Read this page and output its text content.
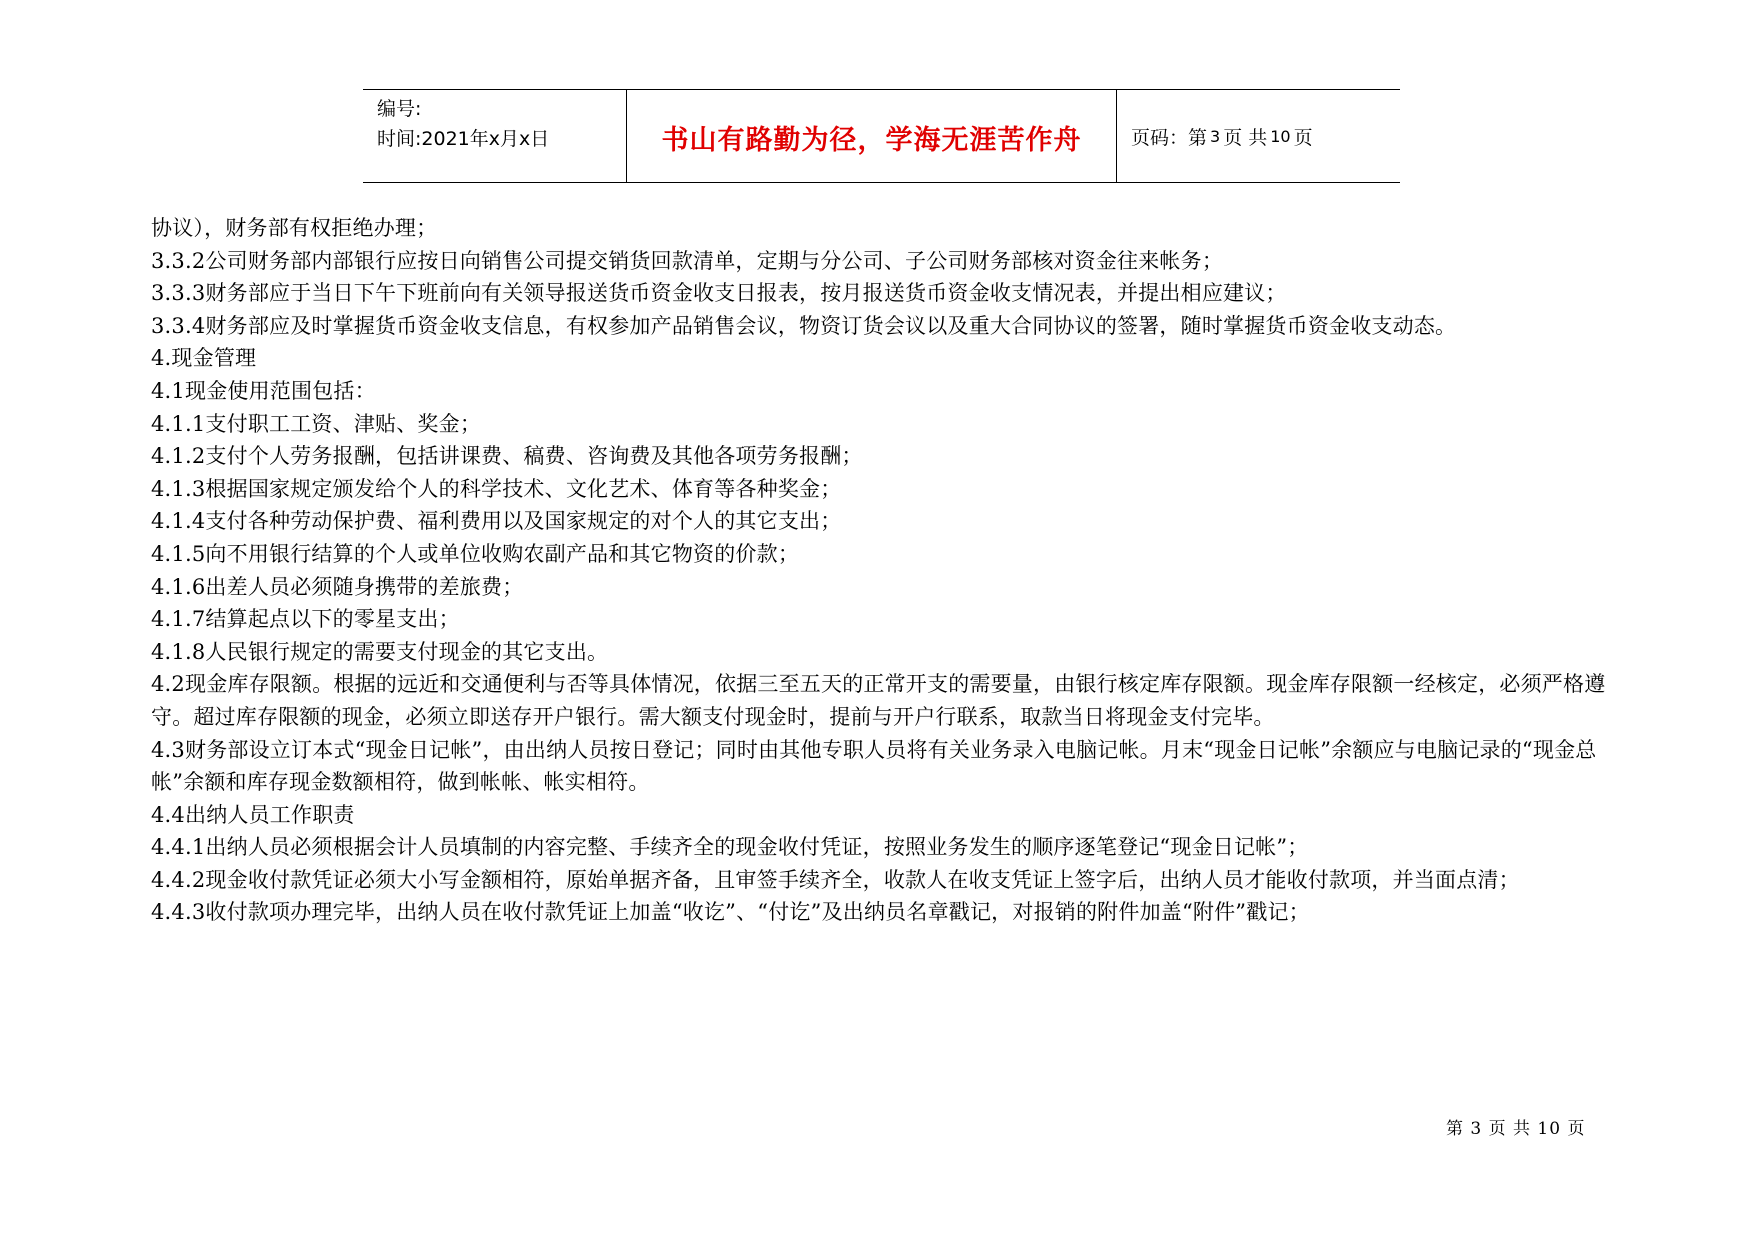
编号:
时间:2021年x月x日	书山有路勤为径，学海无涯苦作舟	页码：第 3 页 共 10 页

协议），财务部有权拒绝办理；

3.3.2公司财务部内部银行应按日向销售公司提交销货回款清单，定期与分公司、子公司财务部核对资金往来帐务；

3.3.3财务部应于当日下午下班前向有关领导报送货币资金收支日报表，按月报送货币资金收支情况表，并提出相应建议；

3.3.4财务部应及时掌握货币资金收支信息，有权参加产品销售会议，物资订货会议以及重大合同协议的签署，随时掌握货币资金收支动态。

4.现金管理

4.1现金使用范围包括：

4.1.1支付职工工资、津贴、奖金；

4.1.2支付个人劳务报酬，包括讲课费、稿费、咨询费及其他各项劳务报酬；

4.1.3根据国家规定颁发给个人的科学技术、文化艺术、体育等各种奖金；

4.1.4支付各种劳动保护费、福利费用以及国家规定的对个人的其它支出；

4.1.5向不用银行结算的个人或单位收购农副产品和其它物资的价款；

4.1.6出差人员必须随身携带的差旅费；

4.1.7结算起点以下的零星支出；

4.1.8人民银行规定的需要支付现金的其它支出。

4.2现金库存限额。根据的远近和交通便利与否等具体情况，依据三至五天的正常开支的需要量，由银行核定库存限额。现金库存限额一经核定，必须严格遵守。超过库存限额的现金，必须立即送存开户银行。需大额支付现金时，提前与开户行联系，取款当日将现金支付完毕。

4.3财务部设立订本式“现金日记帐”，由出纳人员按日登记；同时由其他专职人员将有关业务录入电脑记帐。月末“现金日记帐”余额应与电脑记录的“现金总帐”余额和库存现金数额相符，做到帐帐、帐实相符。

4.4出纳人员工作职责

4.4.1出纳人员必须根据会计人员填制的内容完整、手续齐全的现金收付凭证，按照业务发生的顺序逐笔登记“现金日记帐”；

4.4.2现金收付款凭证必须大小写金额相符，原始单据齐备，且审签手续齐全，收款人在收支凭证上签字后，出纳人员才能收付款项，并当面点清；

4.4.3收付款项办理完毕，出纳人员在收付款凭证上加盖“收讫”、“付讫”及出纳员名章戳记，对报销的附件加盖“附件”戳记；

第 3 页 共 10 页
